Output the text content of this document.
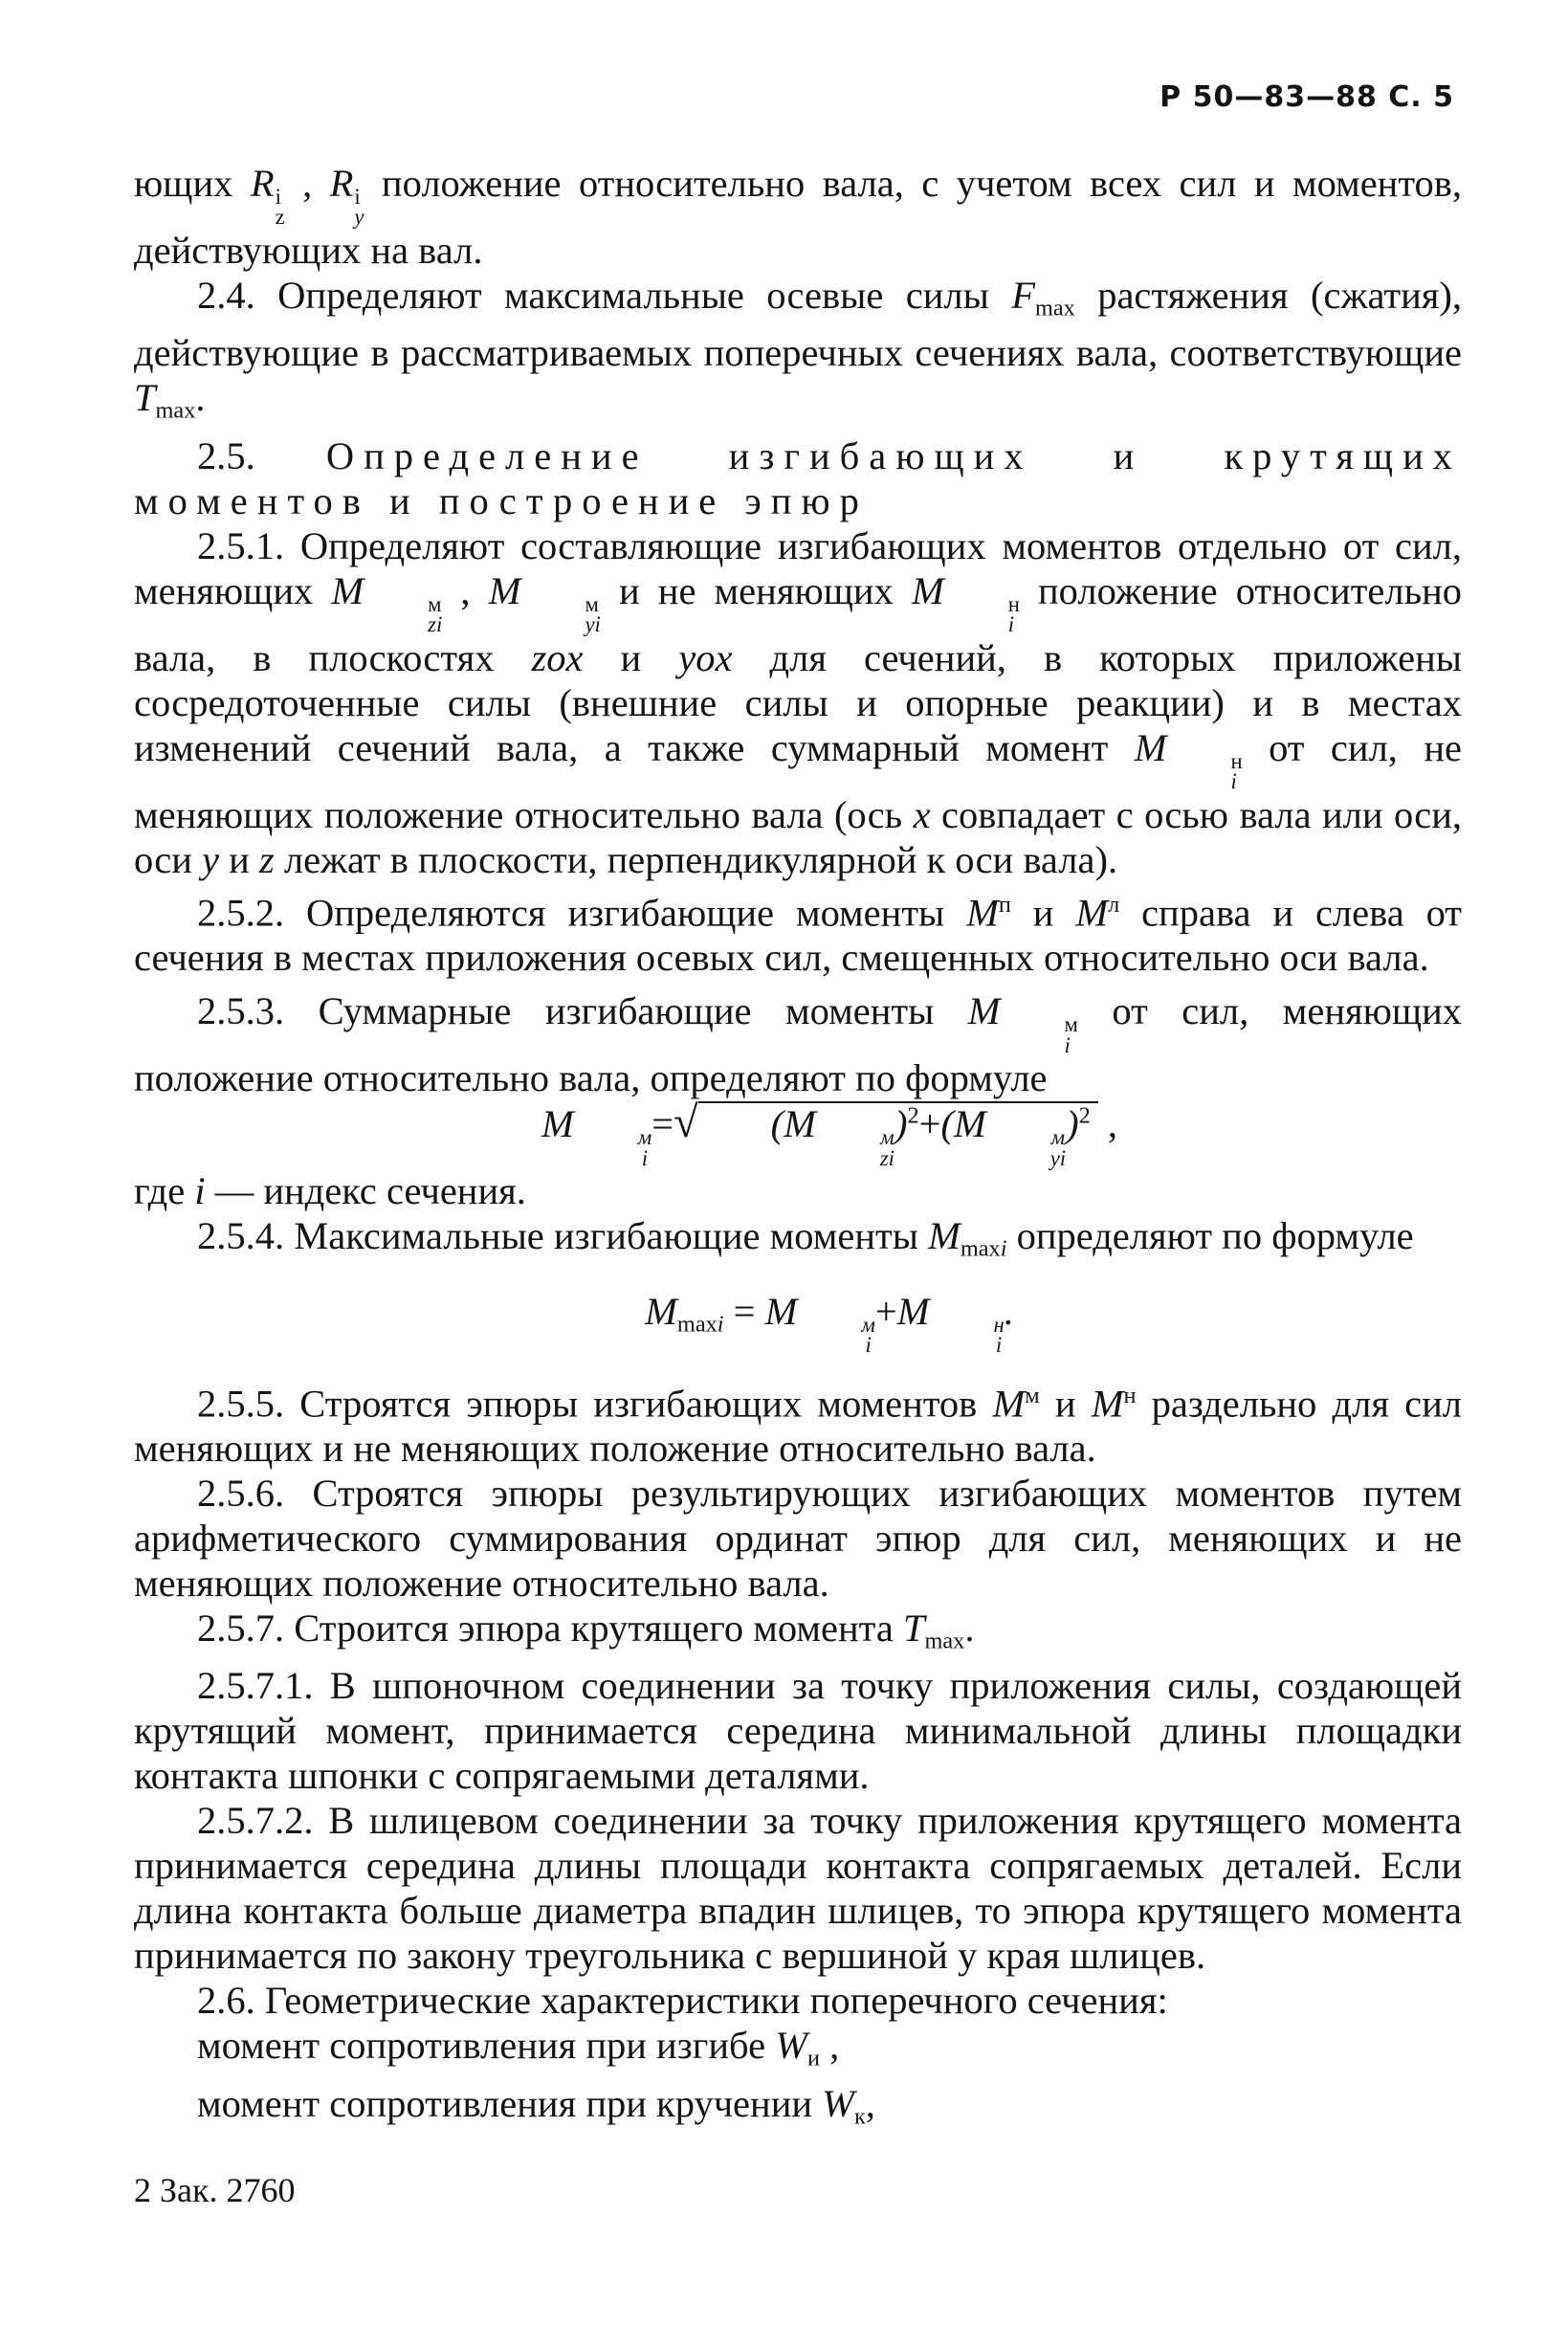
Р 50—83—88 С. 5

ющих R i
z
, R i
y
положение относительно вала, с учетом всех сил и моментов, действующих на вал.

2.4. Определяют максимальные осевые силы Fmax растяжения (сжатия), действующие в рассматриваемых поперечных сечениях вала, соответствующие Tmax.

2.5. Определение изгибающих и крутящих моментов и построение эпюр

2.5.1. Определяют составляющие изгибающих моментов отдельно от сил, меняющих M	м
zi
, M	м
yi
и не меняющих M	н
i
положение относительно вала, в плоскостях zox и yox для сечений, в которых приложены сосредоточенные силы (внешние силы и опорные реакции) и в местах изменений сечений вала, а также суммарный момент M	н
i
от сил, не меняющих положение относительно вала (ось x совпадает с осью вала или оси, оси y и z лежат в плоскости, перпендикулярной к оси вала).

2.5.2. Определяются изгибающие моменты $M^п$ и $M^л$ справа и слева от сечения в местах приложения осевых сил, смещенных относительно оси вала.

2.5.3. Суммарные изгибающие моменты M	м
i
от сил, меняющих положение относительно вала, определяют по формуле

M	м
i
=√ (M	м
zi
)$^2$+(M	м
yi
)$^2$ ,

где i — индекс сечения.

2.5.4. Максимальные изгибающие моменты Mmaxi определяют по формуле

Mmaxi = M	м
i
+M	н
i
.

2.5.5. Строятся эпюры изгибающих моментов $M^м$ и $M^н$ раздельно для сил меняющих и не меняющих положение относительно вала.

2.5.6. Строятся эпюры результирующих изгибающих моментов путем арифметического суммирования ординат эпюр для сил, меняющих и не меняющих положение относительно вала.

2.5.7. Строится эпюра крутящего момента Tmax.

2.5.7.1. В шпоночном соединении за точку приложения силы, создающей крутящий момент, принимается середина минимальной длины площадки контакта шпонки с сопрягаемыми деталями.

2.5.7.2. В шлицевом соединении за точку приложения крутящего момента принимается середина длины площади контакта сопрягаемых деталей. Если длина контакта больше диаметра впадин шлицев, то эпюра крутящего момента принимается по закону треугольника с вершиной у края шлицев.

2.6. Геометрические характеристики поперечного сечения:

момент сопротивления при изгибе Wи ,

момент сопротивления при кручении Wк,

2 Зак. 2760
